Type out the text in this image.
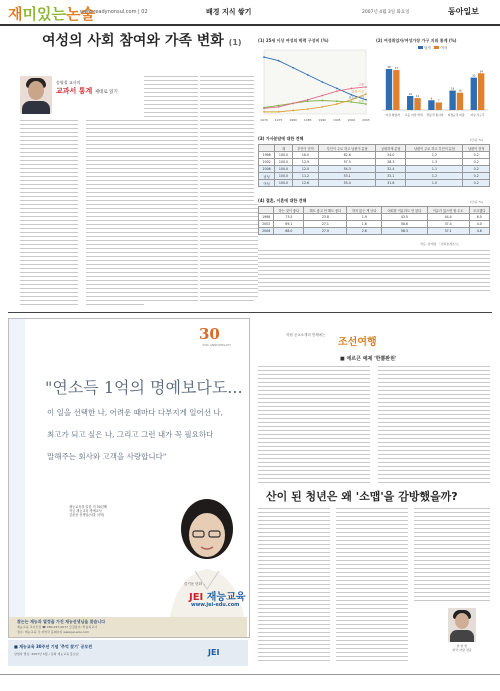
재미있는논술
www.readynonsul.com | 02	배경 지식 쌓기	2007년 4월 3일 화요일	동아일보
여성의 사회 참여와 가족 변화 (1)
송영철 교사의
교과서 통계 제대로 읽기
(1) 25세 이상 여성의 학력 구성비 (%)
1970 1975 1980 1985 1990 1995 2000 2005
초등졸 이하
중졸
고졸
대졸 이상
(2) 여성취업자/여성가장 가구 지위 통계 (%)
남자	여자
38 37
여성 취업자
13
11
고등 이상 학력
9
7
전문직 종사자
18
16
비정규직 비율
30
34
여성 가구주
(3) 가사분담에 대한 견해	(단위: %)
	계	부인이 전적	부인이 주로 하고 남편이 분담	공평하게 분담	남편이 주로 하고 부인이 분담	남편이 전적
1998	100.0	16.0	62.6	24.0	1.2	0.2
2002	100.0	12.9	57.5	28.3	1.3	0.2
2006	100.0	12.0	54.3	32.4	1.1	0.2
남성	100.0	11.2	53.1	33.1	1.2	0.2
여성	100.0	12.6	55.4	31.6	1.0	0.2
(4) 결혼, 이혼에 대한 견해	(단위: %)
	하는 것이 좋다	해도 좋고 안 해도 좋다	하지 않는 게 낫다	어떠한 이유라도 안 된다	이유가 있으면 할 수도	모르겠다
1998	73.5	23.8	1.9	43.5	44.4	6.5
2002	69.1	27.1	1.6	58.6	37.4	4.0
2006	68.0	27.9	2.6	58.3	37.1	4.6
자료: 통계청 「사회통계조사」
30
30th ANNIVERSARY
"연소득 1억의 명예보다도...
이 일을 선택한 나, 어려운 때마다 다부지게 일어선 나,
최고가 되고 싶은 나, 그리고 그런 내가 꼭 필요하다
말해주는 회사와 고객을 사랑합니다"
재능교육을 일한 지 30년째
자금 재능교육 명예교사
김윤선 선생님(서울 서북)
즐거운 변화 –
JEI 재능교육
www.jei-edu.com
찾는는 재능과 열정을 가진 재능선생님을 찾습니다
재능교육 교사모집 ☎ 080-227-0077 모집분야: 학습지교사
접수: 재능교육 각 지역국 홈페이지 www.jei-edu.com
■ 재능교육 30주년 기념 '추억 찾기' 공모전
당첨자 발표: 2007년 5월 / 문의 재능교육 홍보실	JEI
학원 공교소개의 쌓체에는
조선여행
■ 에르큰 예제 '한뽐뫈원'
산이 된 청년은 왜 '소맵'을 감방했을까?
한 빈 빈
한국 사상 전공
